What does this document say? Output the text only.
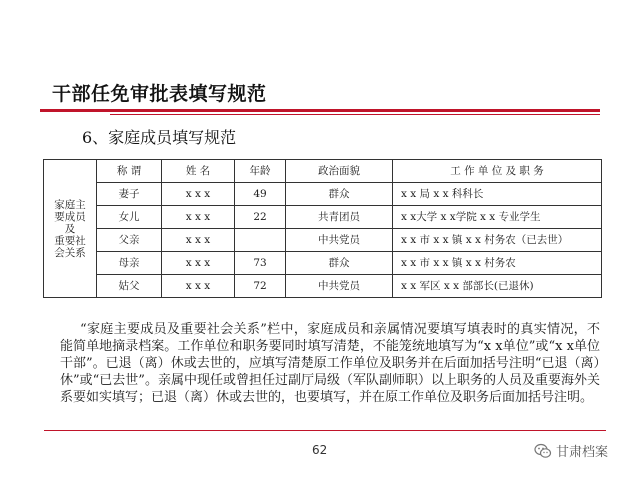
干部任免审批表填写规范
6、家庭成员填写规范
家庭主
要成员
及
重要社
会关系	称 谓	姓 名	年龄	政治面貌	工 作 单 位 及 职 务
	妻子	x x x	49	群众	x x 局 x x 科科长
	女儿	x x x	22	共青团员	x x大学 x x学院 x x 专业学生
	父亲	x x x		中共党员	x x 市 x x 镇 x x 村务农（已去世）
	母亲	x x x	73	群众	x x 市 x x 镇 x x 村务农
	姑父	x x x	72	中共党员	x x 军区 x x 部部长(已退休)
“家庭主要成员及重要社会关系”栏中，家庭成员和亲属情况要填写填表时的真实情况，不能简单地摘录档案。工作单位和职务要同时填写清楚，不能笼统地填写为“x x单位”或“x x单位干部”。已退（离）休或去世的，应填写清楚原工作单位及职务并在后面加括号注明“已退（离）休”或“已去世”。亲属中现任或曾担任过副厅局级（军队副师职）以上职务的人员及重要海外关系要如实填写；已退（离）休或去世的，也要填写，并在原工作单位及职务后面加括号注明。
62	甘肃档案
